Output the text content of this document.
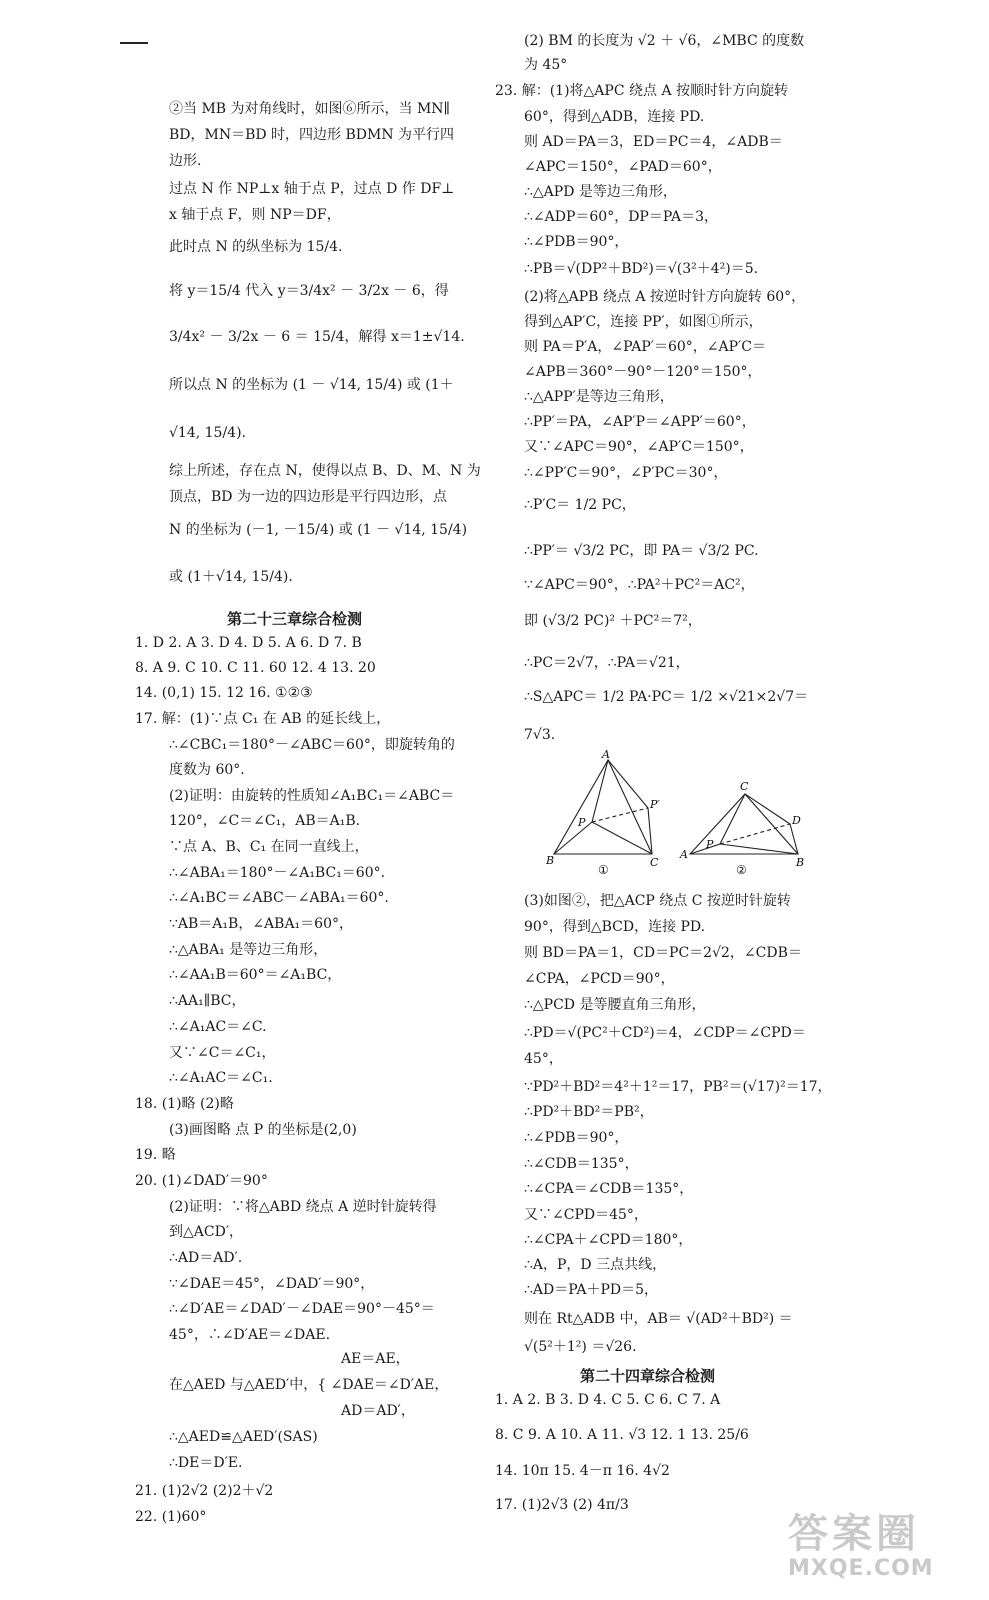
②当 MB 为对角线时，如图⑥所示，当 MN∥
BD，MN＝BD 时，四边形 BDMN 为平行四
边形.
过点 N 作 NP⊥x 轴于点 P，过点 D 作 DF⊥
x 轴于点 F，则 NP＝DF，
此时点 N 的纵坐标为 15/4.
将 y＝15/4 代入 y＝3/4x² － 3/2x － 6，得
3/4x² － 3/2x － 6 ＝ 15/4，解得 x＝1±√14.
所以点 N 的坐标为 (1 － √14, 15/4) 或 (1＋
√14, 15/4).
综上所述，存在点 N，使得以点 B、D、M、N 为
顶点，BD 为一边的四边形是平行四边形，点
N 的坐标为 (－1, －15/4) 或 (1 － √14, 15/4)
或 (1＋√14, 15/4).
第二十三章综合检测
1. D 2. A 3. D 4. D 5. A 6. D 7. B
8. A 9. C 10. C 11. 60 12. 4 13. 20
14. (0,1) 15. 12 16. ①②③
17. 解：(1)∵点 C₁ 在 AB 的延长线上，
∴∠CBC₁＝180°－∠ABC＝60°，即旋转角的
度数为 60°.
(2)证明：由旋转的性质知∠A₁BC₁＝∠ABC＝
120°，∠C＝∠C₁，AB＝A₁B.
∵点 A、B、C₁ 在同一直线上，
∴∠ABA₁＝180°－∠A₁BC₁＝60°.
∴∠A₁BC＝∠ABC－∠ABA₁＝60°.
∵AB＝A₁B，∠ABA₁＝60°，
∴△ABA₁ 是等边三角形，
∴∠AA₁B＝60°＝∠A₁BC，
∴AA₁∥BC，
∴∠A₁AC＝∠C.
又∵∠C＝∠C₁，
∴∠A₁AC＝∠C₁.
18. (1)略 (2)略
(3)画图略 点 P 的坐标是(2,0)
19. 略
20. (1)∠DAD′＝90°
(2)证明：∵将△ABD 绕点 A 逆时针旋转得
到△ACD′，
∴AD＝AD′.
∵∠DAE＝45°，∠DAD′＝90°，
∴∠D′AE＝∠DAD′－∠DAE＝90°－45°＝
45°，∴∠D′AE＝∠DAE.
AE＝AE，
在△AED 与△AED′中，{ ∠DAE＝∠D′AE，
AD＝AD′，
∴△AED≌△AED′(SAS)
∴DE＝D′E.
21. (1)2√2 (2)2＋√2
22. (1)60°
(2) BM 的长度为 √2 ＋ √6，∠MBC 的度数
为 45°
23. 解：(1)将△APC 绕点 A 按顺时针方向旋转
60°，得到△ADB，连接 PD.
则 AD＝PA＝3，ED＝PC＝4，∠ADB＝
∠APC＝150°，∠PAD＝60°，
∴△APD 是等边三角形，
∴∠ADP＝60°，DP＝PA＝3，
∴∠PDB＝90°，
∴PB＝√(DP²＋BD²)＝√(3²＋4²)＝5.
(2)将△APB 绕点 A 按逆时针方向旋转 60°，
得到△AP′C，连接 PP′，如图①所示，
则 PA＝P′A，∠PAP′＝60°，∠AP′C＝
∠APB＝360°－90°－120°＝150°，
∴△APP′是等边三角形，
∴PP′＝PA，∠AP′P＝∠APP′＝60°，
又∵∠APC＝90°，∠AP′C＝150°，
∴∠PP′C＝90°，∠P′PC＝30°，
∴P′C＝ 1/2 PC，
∴PP′＝ √3/2 PC，即 PA＝ √3/2 PC.
∵∠APC＝90°，∴PA²＋PC²＝AC²，
即 (√3/2 PC)² ＋PC²＝7²，
∴PC＝2√7，∴PA＝√21，
∴S△APC＝ 1/2 PA·PC＝ 1/2 ×√21×2√7＝
7√3.
(3)如图②，把△ACP 绕点 C 按逆时针旋转
90°，得到△BCD，连接 PD.
则 BD＝PA＝1，CD＝PC＝2√2，∠CDB＝
∠CPA，∠PCD＝90°，
∴△PCD 是等腰直角三角形，
∴PD＝√(PC²＋CD²)＝4，∠CDP＝∠CPD＝
45°，
∵PD²＋BD²＝4²＋1²＝17，PB²＝(√17)²＝17，
∴PD²＋BD²＝PB²，
∴∠PDB＝90°，
∴∠CDB＝135°，
∴∠CPA＝∠CDB＝135°，
又∵∠CPD＝45°，
∴∠CPA＋∠CPD＝180°，
∴A，P，D 三点共线，
∴AD＝PA＋PD＝5，
则在 Rt△ADB 中，AB＝ √(AD²＋BD²) ＝
√(5²＋1²) ＝√26.
第二十四章综合检测
1. A 2. B 3. D 4. C 5. C 6. C 7. A
8. C 9. A 10. A 11. √3 12. 1 13. 25/6
14. 10π 15. 4－π 16. 4√2
17. (1)2√3 (2) 4π/3
A
P
P′
B	C
C
D
P
A
B
①	②
答案圈
MXQE.COM
